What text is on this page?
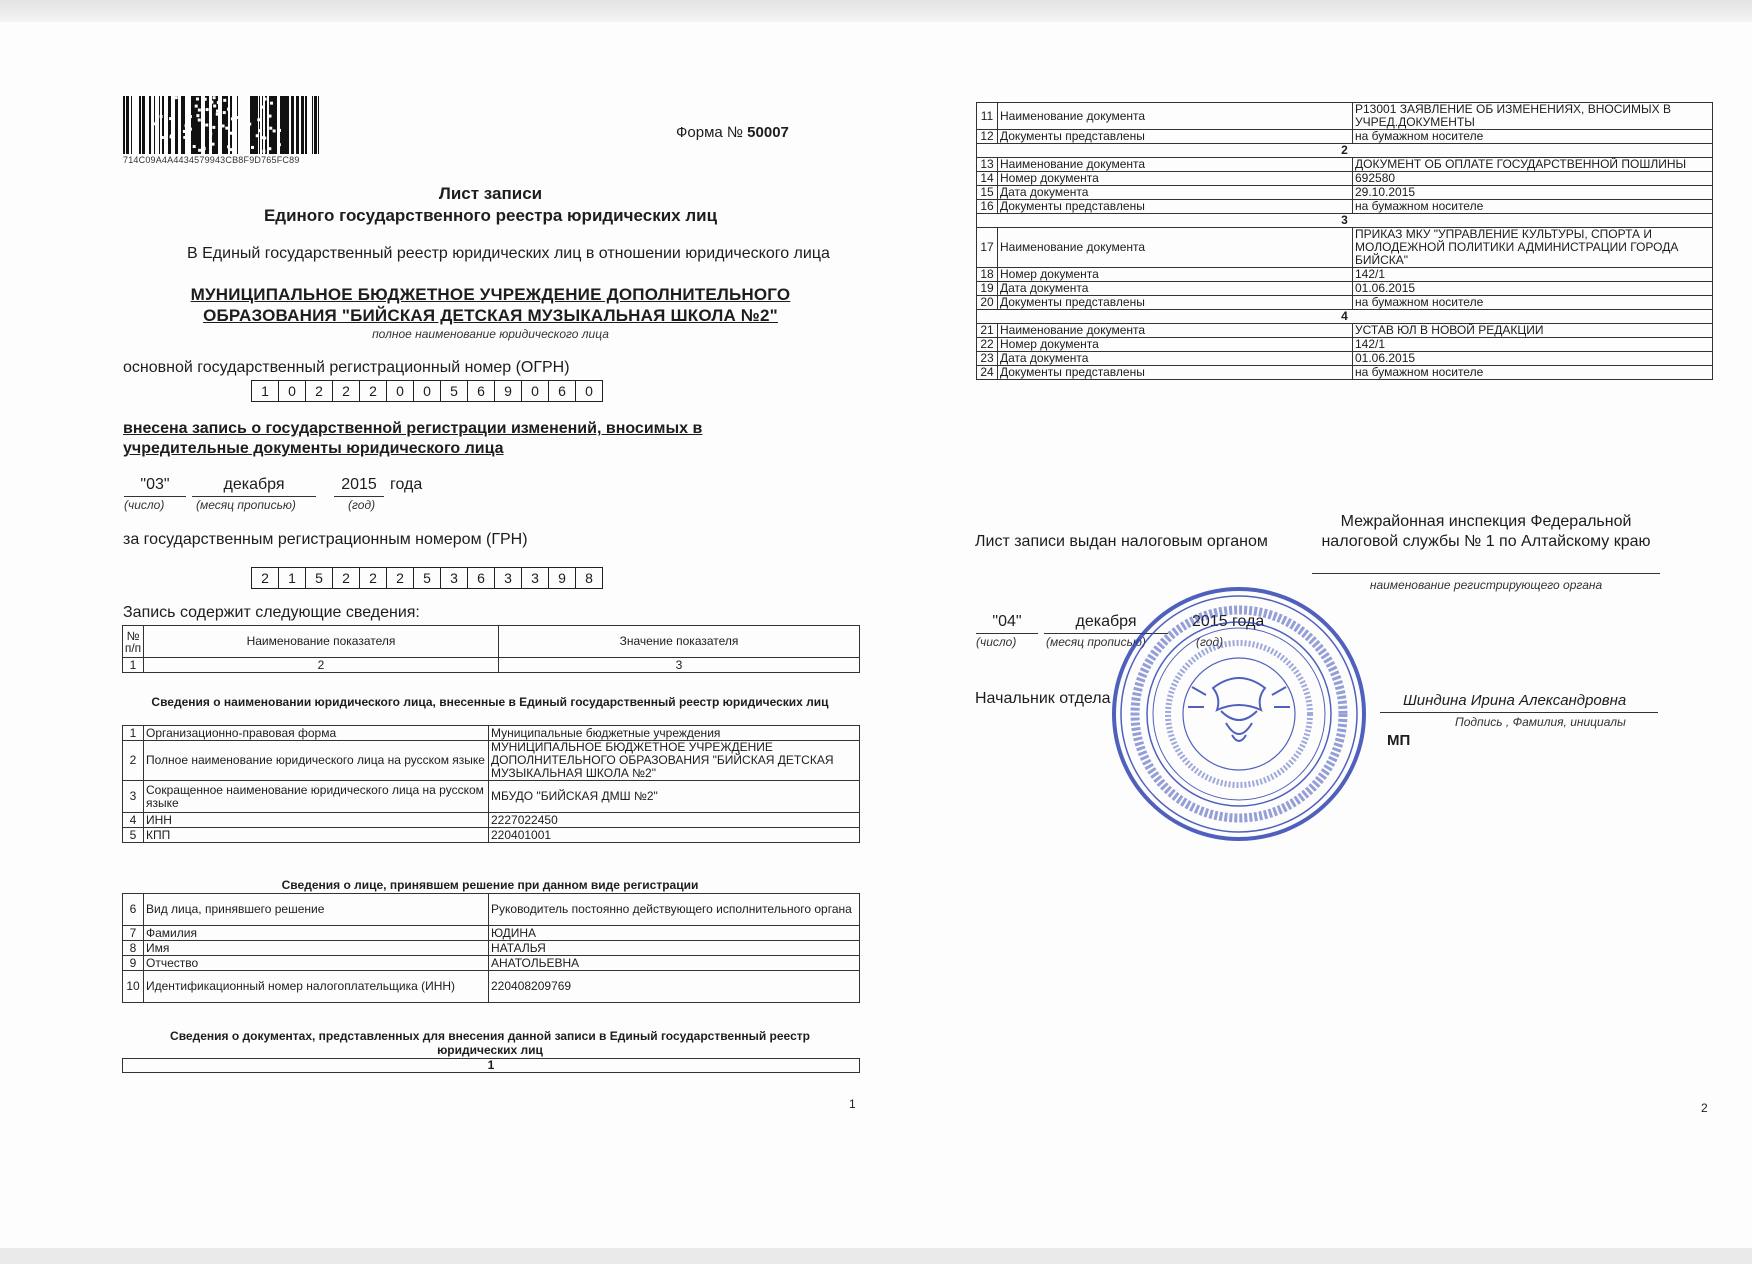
714C09A4A4434579943CB8F9D765FC89
Форма № 50007
Лист записи
Единого государственного реестра юридических лиц
В Единый государственный реестр юридических лиц в отношении юридического лица
МУНИЦИПАЛЬНОЕ БЮДЖЕТНОЕ УЧРЕЖДЕНИЕ ДОПОЛНИТЕЛЬНОГО
ОБРАЗОВАНИЯ "БИЙСКАЯ ДЕТСКАЯ МУЗЫКАЛЬНАЯ ШКОЛА №2"
полное наименование юридического лица
основной государственный регистрационный номер (ОГРН)
1	0	2	2	2	0	0	5	6	9	0	6	0
внесена запись о государственной регистрации изменений, вносимых в
учредительные документы юридического лица
"03"	декабря	2015 года
(число)	(месяц прописью)	(год)
за государственным регистрационным номером (ГРН)
2	1	5	2	2	2	5	3	6	3	3	9	8
Запись содержит следующие сведения:
№ п/п	Наименование показателя	Значение показателя
1	2	3
Сведения о наименовании юридического лица, внесенные в Единый государственный реестр юридических лиц
1	Организационно-правовая форма	Муниципальные бюджетные учреждения
2	Полное наименование юридического лица на русском языке	МУНИЦИПАЛЬНОЕ БЮДЖЕТНОЕ УЧРЕЖДЕНИЕ ДОПОЛНИТЕЛЬНОГО ОБРАЗОВАНИЯ "БИЙСКАЯ ДЕТСКАЯ МУЗЫКАЛЬНАЯ ШКОЛА №2"
3	Сокращенное наименование юридического лица на русском языке	МБУДО "БИЙСКАЯ ДМШ №2"
4	ИНН	2227022450
5	КПП	220401001
Сведения о лице, принявшем решение при данном виде регистрации
6	Вид лица, принявшего решение	Руководитель постоянно действующего исполнительного органа
7	Фамилия	ЮДИНА
8	Имя	НАТАЛЬЯ
9	Отчество	АНАТОЛЬЕВНА
10	Идентификационный номер налогоплательщика (ИНН)	220408209769
Сведения о документах, представленных для внесения данной записи в Единый государственный реестр юридических лиц
1
1
11	Наименование документа	Р13001 ЗАЯВЛЕНИЕ ОБ ИЗМЕНЕНИЯХ, ВНОСИМЫХ В УЧРЕД.ДОКУМЕНТЫ
12	Документы представлены	на бумажном носителе
2		
13	Наименование документа	ДОКУМЕНТ ОБ ОПЛАТЕ ГОСУДАРСТВЕННОЙ ПОШЛИНЫ
14	Номер документа	692580
15	Дата документа	29.10.2015
16	Документы представлены	на бумажном носителе
3		
17	Наименование документа	ПРИКАЗ МКУ "УПРАВЛЕНИЕ КУЛЬТУРЫ, СПОРТА И МОЛОДЕЖНОЙ ПОЛИТИКИ АДМИНИСТРАЦИИ ГОРОДА БИЙСКА"
18	Номер документа	142/1
19	Дата документа	01.06.2015
20	Документы представлены	на бумажном носителе
4		
21	Наименование документа	УСТАВ ЮЛ В НОВОЙ РЕДАКЦИИ
22	Номер документа	142/1
23	Дата документа	01.06.2015
24	Документы представлены	на бумажном носителе
Лист записи выдан налоговым органом
Межрайонная инспекция Федеральной налоговой службы № 1 по Алтайскому краю
наименование регистрирующего органа
"04"	декабря	2015 года
(число) (месяц прописью)	(год)
Начальник отдела	Шиндина Ирина Александровна
Подпись , Фамилия, инициалы
МП
2
